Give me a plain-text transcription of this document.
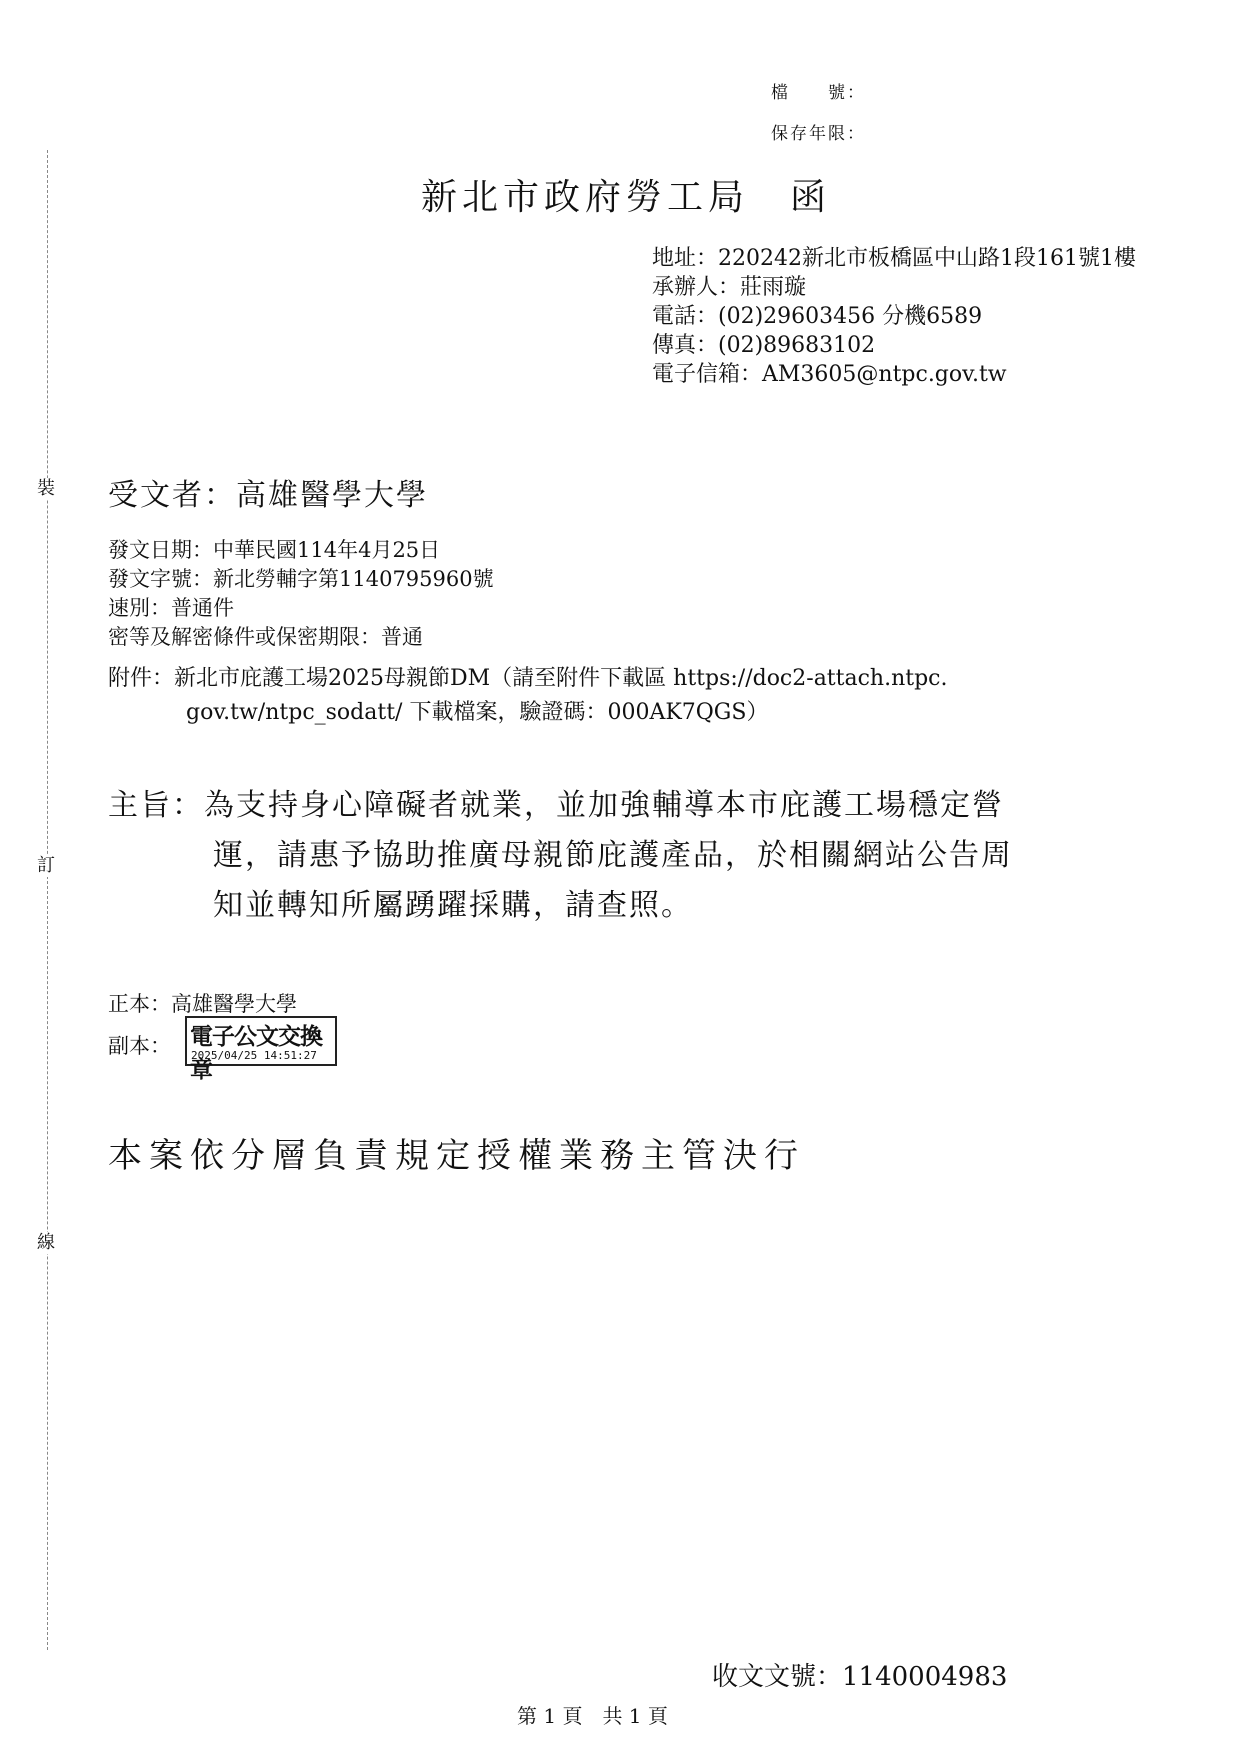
檔　　號：
保存年限：
新北市政府勞工局　函
地址：220242新北市板橋區中山路1段161號1樓
承辦人：莊雨璇
電話：(02)29603456 分機6589
傳真：(02)89683102
電子信箱：AM3605@ntpc.gov.tw
裝
訂
線
受文者：高雄醫學大學
發文日期：中華民國114年4月25日
發文字號：新北勞輔字第1140795960號
速別：普通件
密等及解密條件或保密期限：普通
附件：新北市庇護工場2025母親節DM（請至附件下載區 https://doc2-attach.ntpc.
gov.tw/ntpc_sodatt/ 下載檔案，驗證碼：000AK7QGS）
主旨：為支持身心障礙者就業，並加強輔導本市庇護工場穩定營
運，請惠予協助推廣母親節庇護產品，於相關網站公告周
知並轉知所屬踴躍採購，請查照。
正本：高雄醫學大學
副本： 電子公文交換章
2025/04/25 14:51:27
本案依分層負責規定授權業務主管決行
收文文號：1140004983
第 1 頁　共 1 頁
